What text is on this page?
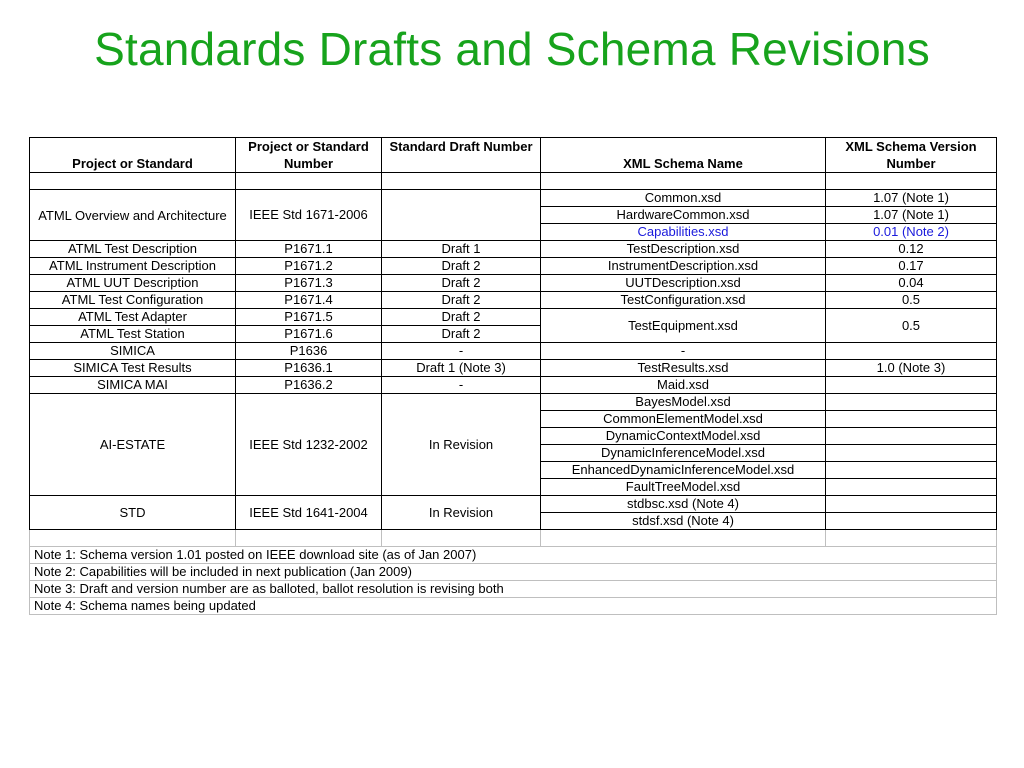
Standards Drafts and Schema Revisions
Project or Standard	Project or Standard Number	Standard Draft Number	XML Schema Name	XML Schema Version Number

ATML Overview and Architecture	IEEE Std 1671-2006		Common.xsd	1.07 (Note 1)
			HardwareCommon.xsd	1.07 (Note 1)
			Capabilities.xsd	0.01 (Note 2)
ATML Test Description	P1671.1	Draft 1	TestDescription.xsd	0.12
ATML Instrument Description	P1671.2	Draft 2	InstrumentDescription.xsd	0.17
ATML UUT Description	P1671.3	Draft 2	UUTDescription.xsd	0.04
ATML Test Configuration	P1671.4	Draft 2	TestConfiguration.xsd	0.5
ATML Test Adapter	P1671.5	Draft 2	TestEquipment.xsd	0.5
ATML Test Station	P1671.6	Draft 2		
SIMICA	P1636	-	-	
SIMICA Test Results	P1636.1	Draft 1 (Note 3)	TestResults.xsd	1.0 (Note 3)
SIMICA MAI	P1636.2	-	Maid.xsd	
AI-ESTATE	IEEE Std 1232-2002	In Revision	BayesModel.xsd	
			CommonElementModel.xsd	
			DynamicContextModel.xsd	
			DynamicInferenceModel.xsd	
			EnhancedDynamicInferenceModel.xsd	
			FaultTreeModel.xsd	
STD	IEEE Std 1641-2004	In Revision	stdbsc.xsd (Note 4)	
			stdsf.xsd (Note 4)	

Note 1: Schema version 1.01 posted on IEEE download site (as of Jan 2007)				
Note 2: Capabilities will be included in next publication (Jan 2009)				
Note 3: Draft and version number are as balloted, ballot resolution is revising both				
Note 4: Schema names being updated				
